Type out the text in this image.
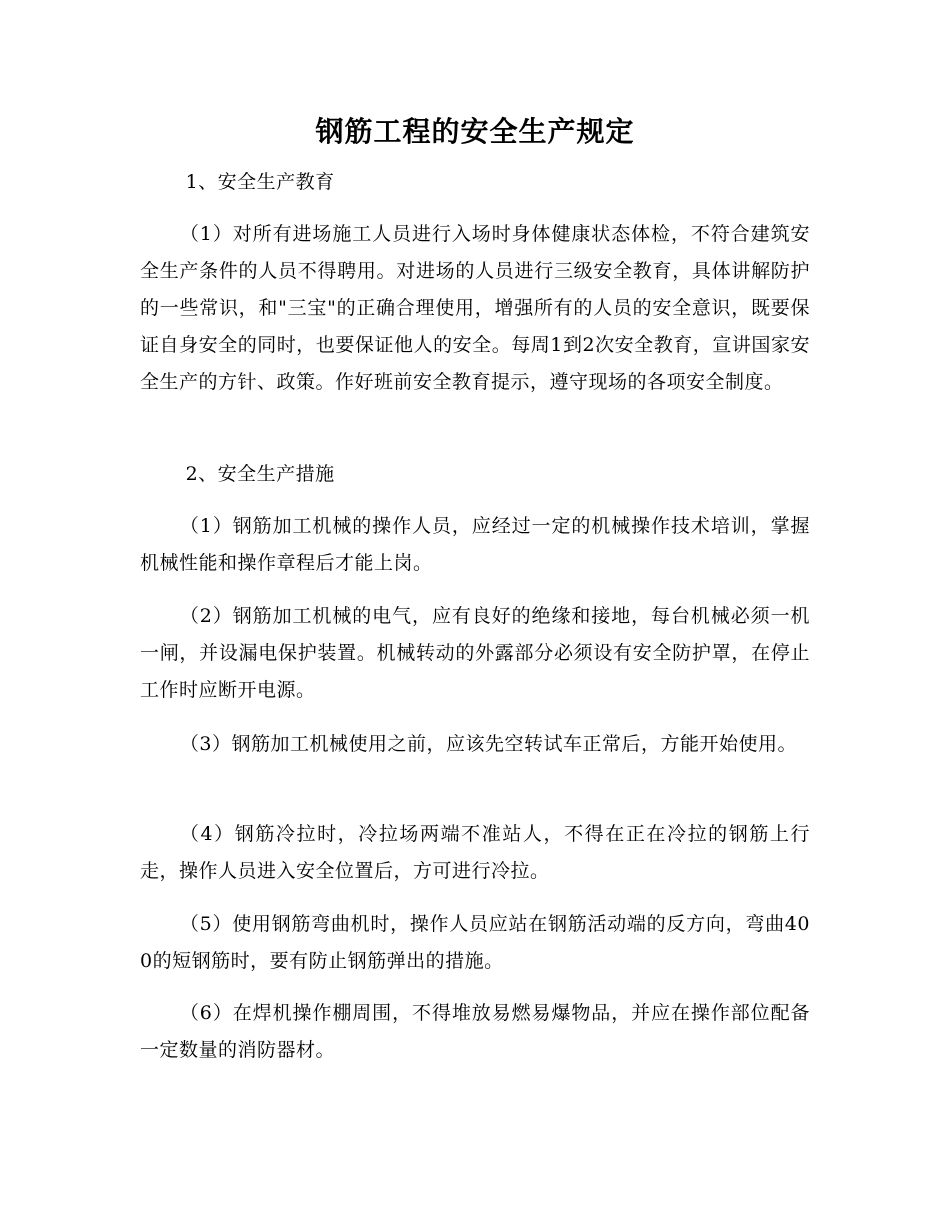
钢筋工程的安全生产规定

1、安全生产教育

（1）对所有进场施工人员进行入场时身体健康状态体检，不符合建筑安全生产条件的人员不得聘用。对进场的人员进行三级安全教育，具体讲解防护的一些常识，和"三宝"的正确合理使用，增强所有的人员的安全意识，既要保证自身安全的同时，也要保证他人的安全。每周1到2次安全教育，宣讲国家安全生产的方针、政策。作好班前安全教育提示，遵守现场的各项安全制度。

2、安全生产措施

（1）钢筋加工机械的操作人员，应经过一定的机械操作技术培训，掌握机械性能和操作章程后才能上岗。

（2）钢筋加工机械的电气，应有良好的绝缘和接地，每台机械必须一机一闸，并设漏电保护装置。机械转动的外露部分必须设有安全防护罩，在停止工作时应断开电源。

（3）钢筋加工机械使用之前，应该先空转试车正常后，方能开始使用。

（4）钢筋冷拉时，冷拉场两端不准站人，不得在正在冷拉的钢筋上行走，操作人员进入安全位置后，方可进行冷拉。

（5）使用钢筋弯曲机时，操作人员应站在钢筋活动端的反方向，弯曲400的短钢筋时，要有防止钢筋弹出的措施。

（6）在焊机操作棚周围，不得堆放易燃易爆物品，并应在操作部位配备一定数量的消防器材。
